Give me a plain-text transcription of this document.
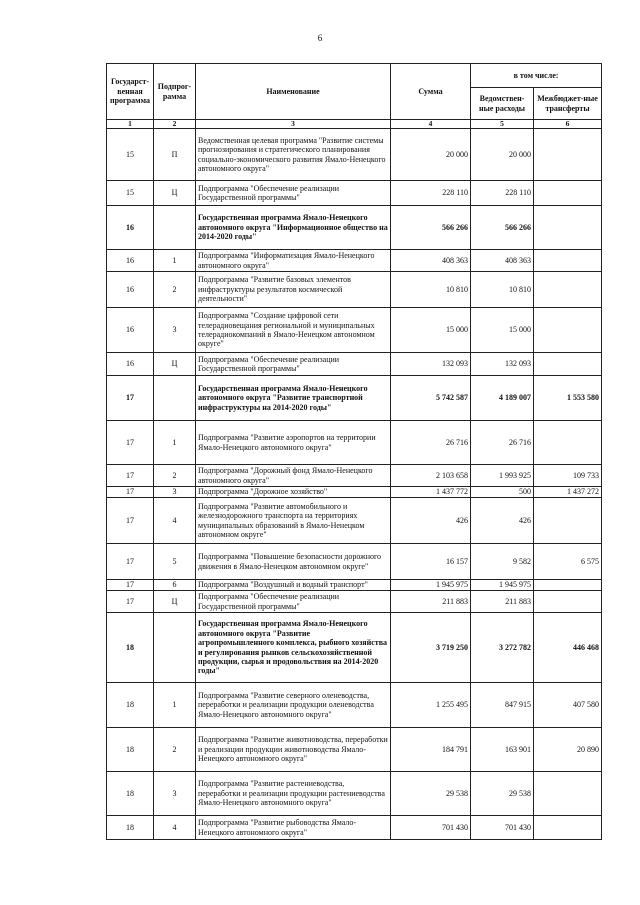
6
Государст-венная программа	Подпрог-рамма	Наименование	Сумма	в том числе:	
				Ведомствен-ные расходы	Межбюджет-ные трансферты
1	2	3	4	5	6
15	П	Ведомственная целевая программа "Развитие системы прогнозирования и стратегического планирования социально-экономического развития Ямало-Ненецкого автономного округа"	20 000	20 000	
15	Ц	Подпрограмма "Обеспечение реализации Государственной программы"	228 110	228 110	
16		Государственная программа Ямало-Ненецкого автономного округа "Информационное общество на 2014-2020 годы"	566 266	566 266	
16	1	Подпрограмма "Информатизация Ямало-Ненецкого автономного округа"	408 363	408 363	
16	2	Подпрограмма "Развитие базовых элементов инфраструктуры результатов космической деятельности"	10 810	10 810	
16	3	Подпрограмма "Создание цифровой сети телерадиовещания региональной и муниципальных телерадиокомпаний в Ямало-Ненецком автономном округе"	15 000	15 000	
16	Ц	Подпрограмма "Обеспечение реализации Государственной программы"	132 093	132 093	
17		Государственная программа Ямало-Ненецкого автономного округа "Развитие транспортной инфраструктуры на 2014-2020 годы"	5 742 587	4 189 007	1 553 580
17	1	Подпрограмма "Развитие аэропортов на территории Ямало-Ненецкого автономного округа"	26 716	26 716	
17	2	Подпрограмма "Дорожный фонд Ямало-Ненецкого автономного округа"	2 103 658	1 993 925	109 733
17	3	Подпрограмма "Дорожное хозяйство"	1 437 772	500	1 437 272
17	4	Подпрограмма "Развитие автомобильного и железнодорожного транспорта на территориях муниципальных образований в Ямало-Ненецком автономном округе"	426	426	
17	5	Подпрограмма "Повышение безопасности дорожного движения в Ямало-Ненецком автономном округе"	16 157	9 582	6 575
17	6	Подпрограмма "Воздушный и водный транспорт"	1 945 975	1 945 975	
17	Ц	Подпрограмма "Обеспечение реализации Государственной программы"	211 883	211 883	
18		Государственная программа Ямало-Ненецкого автономного округа "Развитие агропромышленного комплекса, рыбного хозяйства и регулирования рынков сельскохозяйственной продукции, сырья и продовольствия на 2014-2020 годы"	3 719 250	3 272 782	446 468
18	1	Подпрограмма "Развитие северного оленеводства, переработки и реализации продукции оленеводства Ямало-Ненецкого автономного округа"	1 255 495	847 915	407 580
18	2	Подпрограмма "Развитие животноводства, переработки и реализации продукции животноводства Ямало-Ненецкого автономного округа"	184 791	163 901	20 890
18	3	Подпрограмма "Развитие растениеводства, переработки и реализации продукции растениеводства Ямало-Ненецкого автономного округа"	29 538	29 538	
18	4	Подпрограмма "Развитие рыбоводства Ямало-Ненецкого автономного округа"	701 430	701 430	
